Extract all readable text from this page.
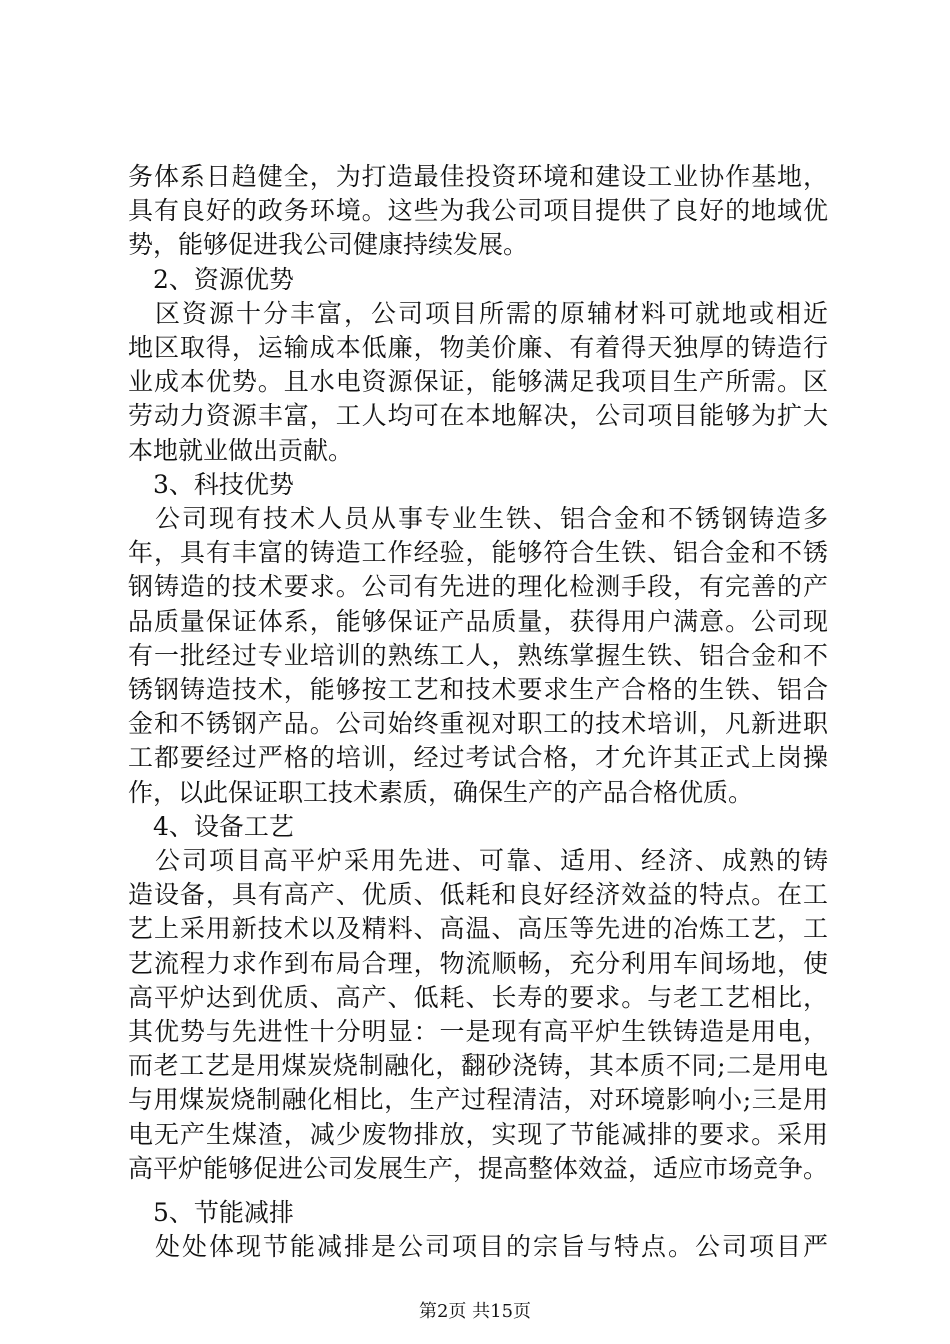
务体系日趋健全，为打造最佳投资环境和建设工业协作基地，
具有良好的政务环境。这些为我公司项目提供了良好的地域优
势，能够促进我公司健康持续发展。
　2、资源优势
　区资源十分丰富，公司项目所需的原辅材料可就地或相近
地区取得，运输成本低廉，物美价廉、有着得天独厚的铸造行
业成本优势。且水电资源保证，能够满足我项目生产所需。区
劳动力资源丰富，工人均可在本地解决，公司项目能够为扩大
本地就业做出贡献。
　3、科技优势
　公司现有技术人员从事专业生铁、铝合金和不锈钢铸造多
年，具有丰富的铸造工作经验，能够符合生铁、铝合金和不锈
钢铸造的技术要求。公司有先进的理化检测手段，有完善的产
品质量保证体系，能够保证产品质量，获得用户满意。公司现
有一批经过专业培训的熟练工人，熟练掌握生铁、铝合金和不
锈钢铸造技术，能够按工艺和技术要求生产合格的生铁、铝合
金和不锈钢产品。公司始终重视对职工的技术培训，凡新进职
工都要经过严格的培训，经过考试合格，才允许其正式上岗操
作，以此保证职工技术素质，确保生产的产品合格优质。
　4、设备工艺
　公司项目高平炉采用先进、可靠、适用、经济、成熟的铸
造设备，具有高产、优质、低耗和良好经济效益的特点。在工
艺上采用新技术以及精料、高温、高压等先进的冶炼工艺，工
艺流程力求作到布局合理，物流顺畅，充分利用车间场地，使
高平炉达到优质、高产、低耗、长寿的要求。与老工艺相比，
其优势与先进性十分明显：一是现有高平炉生铁铸造是用电，
而老工艺是用煤炭烧制融化，翻砂浇铸，其本质不同;二是用电
与用煤炭烧制融化相比，生产过程清洁，对环境影响小;三是用
电无产生煤渣，减少废物排放，实现了节能减排的要求。采用
高平炉能够促进公司发展生产，提高整体效益，适应市场竞争。
　5、节能减排
　处处体现节能减排是公司项目的宗旨与特点。公司项目严
第2页 共15页
